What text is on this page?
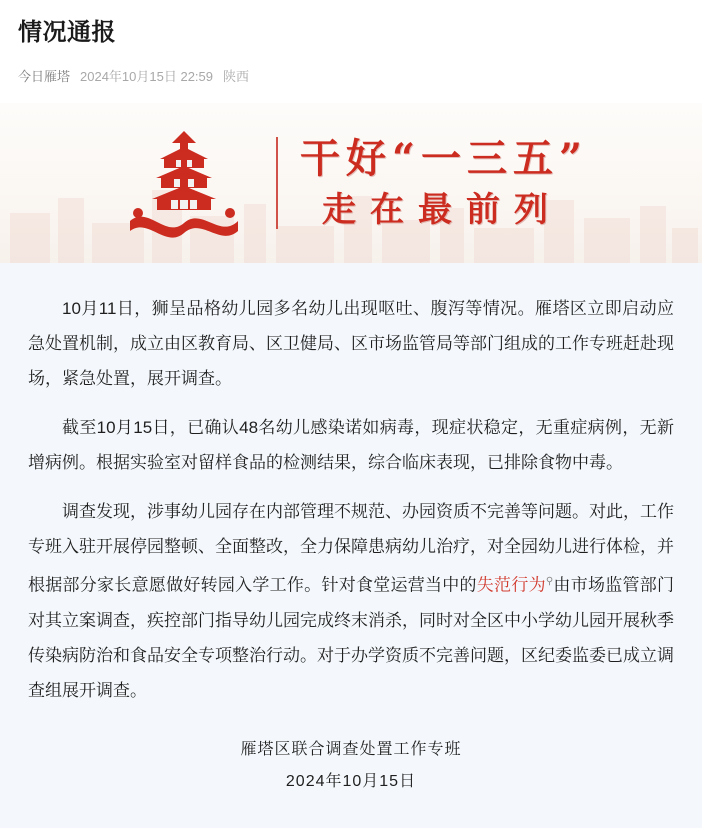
情况通报
今日雁塔 2024年10月15日 22:59 陕西
干好“一三五”
走在最前列

10月11日，狮呈品格幼儿园多名幼儿出现呕吐、腹泻等情况。雁塔区立即启动应急处置机制，成立由区教育局、区卫健局、区市场监管局等部门组成的工作专班赶赴现场，紧急处置，展开调查。

截至10月15日，已确认48名幼儿感染诺如病毒，现症状稳定，无重症病例，无新增病例。根据实验室对留样食品的检测结果，综合临床表现，已排除食物中毒。

调查发现，涉事幼儿园存在内部管理不规范、办园资质不完善等问题。对此，工作专班入驻开展停园整顿、全面整改，全力保障患病幼儿治疗，对全园幼儿进行体检，并根据部分家长意愿做好转园入学工作。针对食堂运营当中的失范行为⚲由市场监管部门对其立案调查，疾控部门指导幼儿园完成终末消杀，同时对全区中小学幼儿园开展秋季传染病防治和食品安全专项整治行动。对于办学资质不完善问题，区纪委监委已成立调查组展开调查。

雁塔区联合调查处置工作专班
2024年10月15日
